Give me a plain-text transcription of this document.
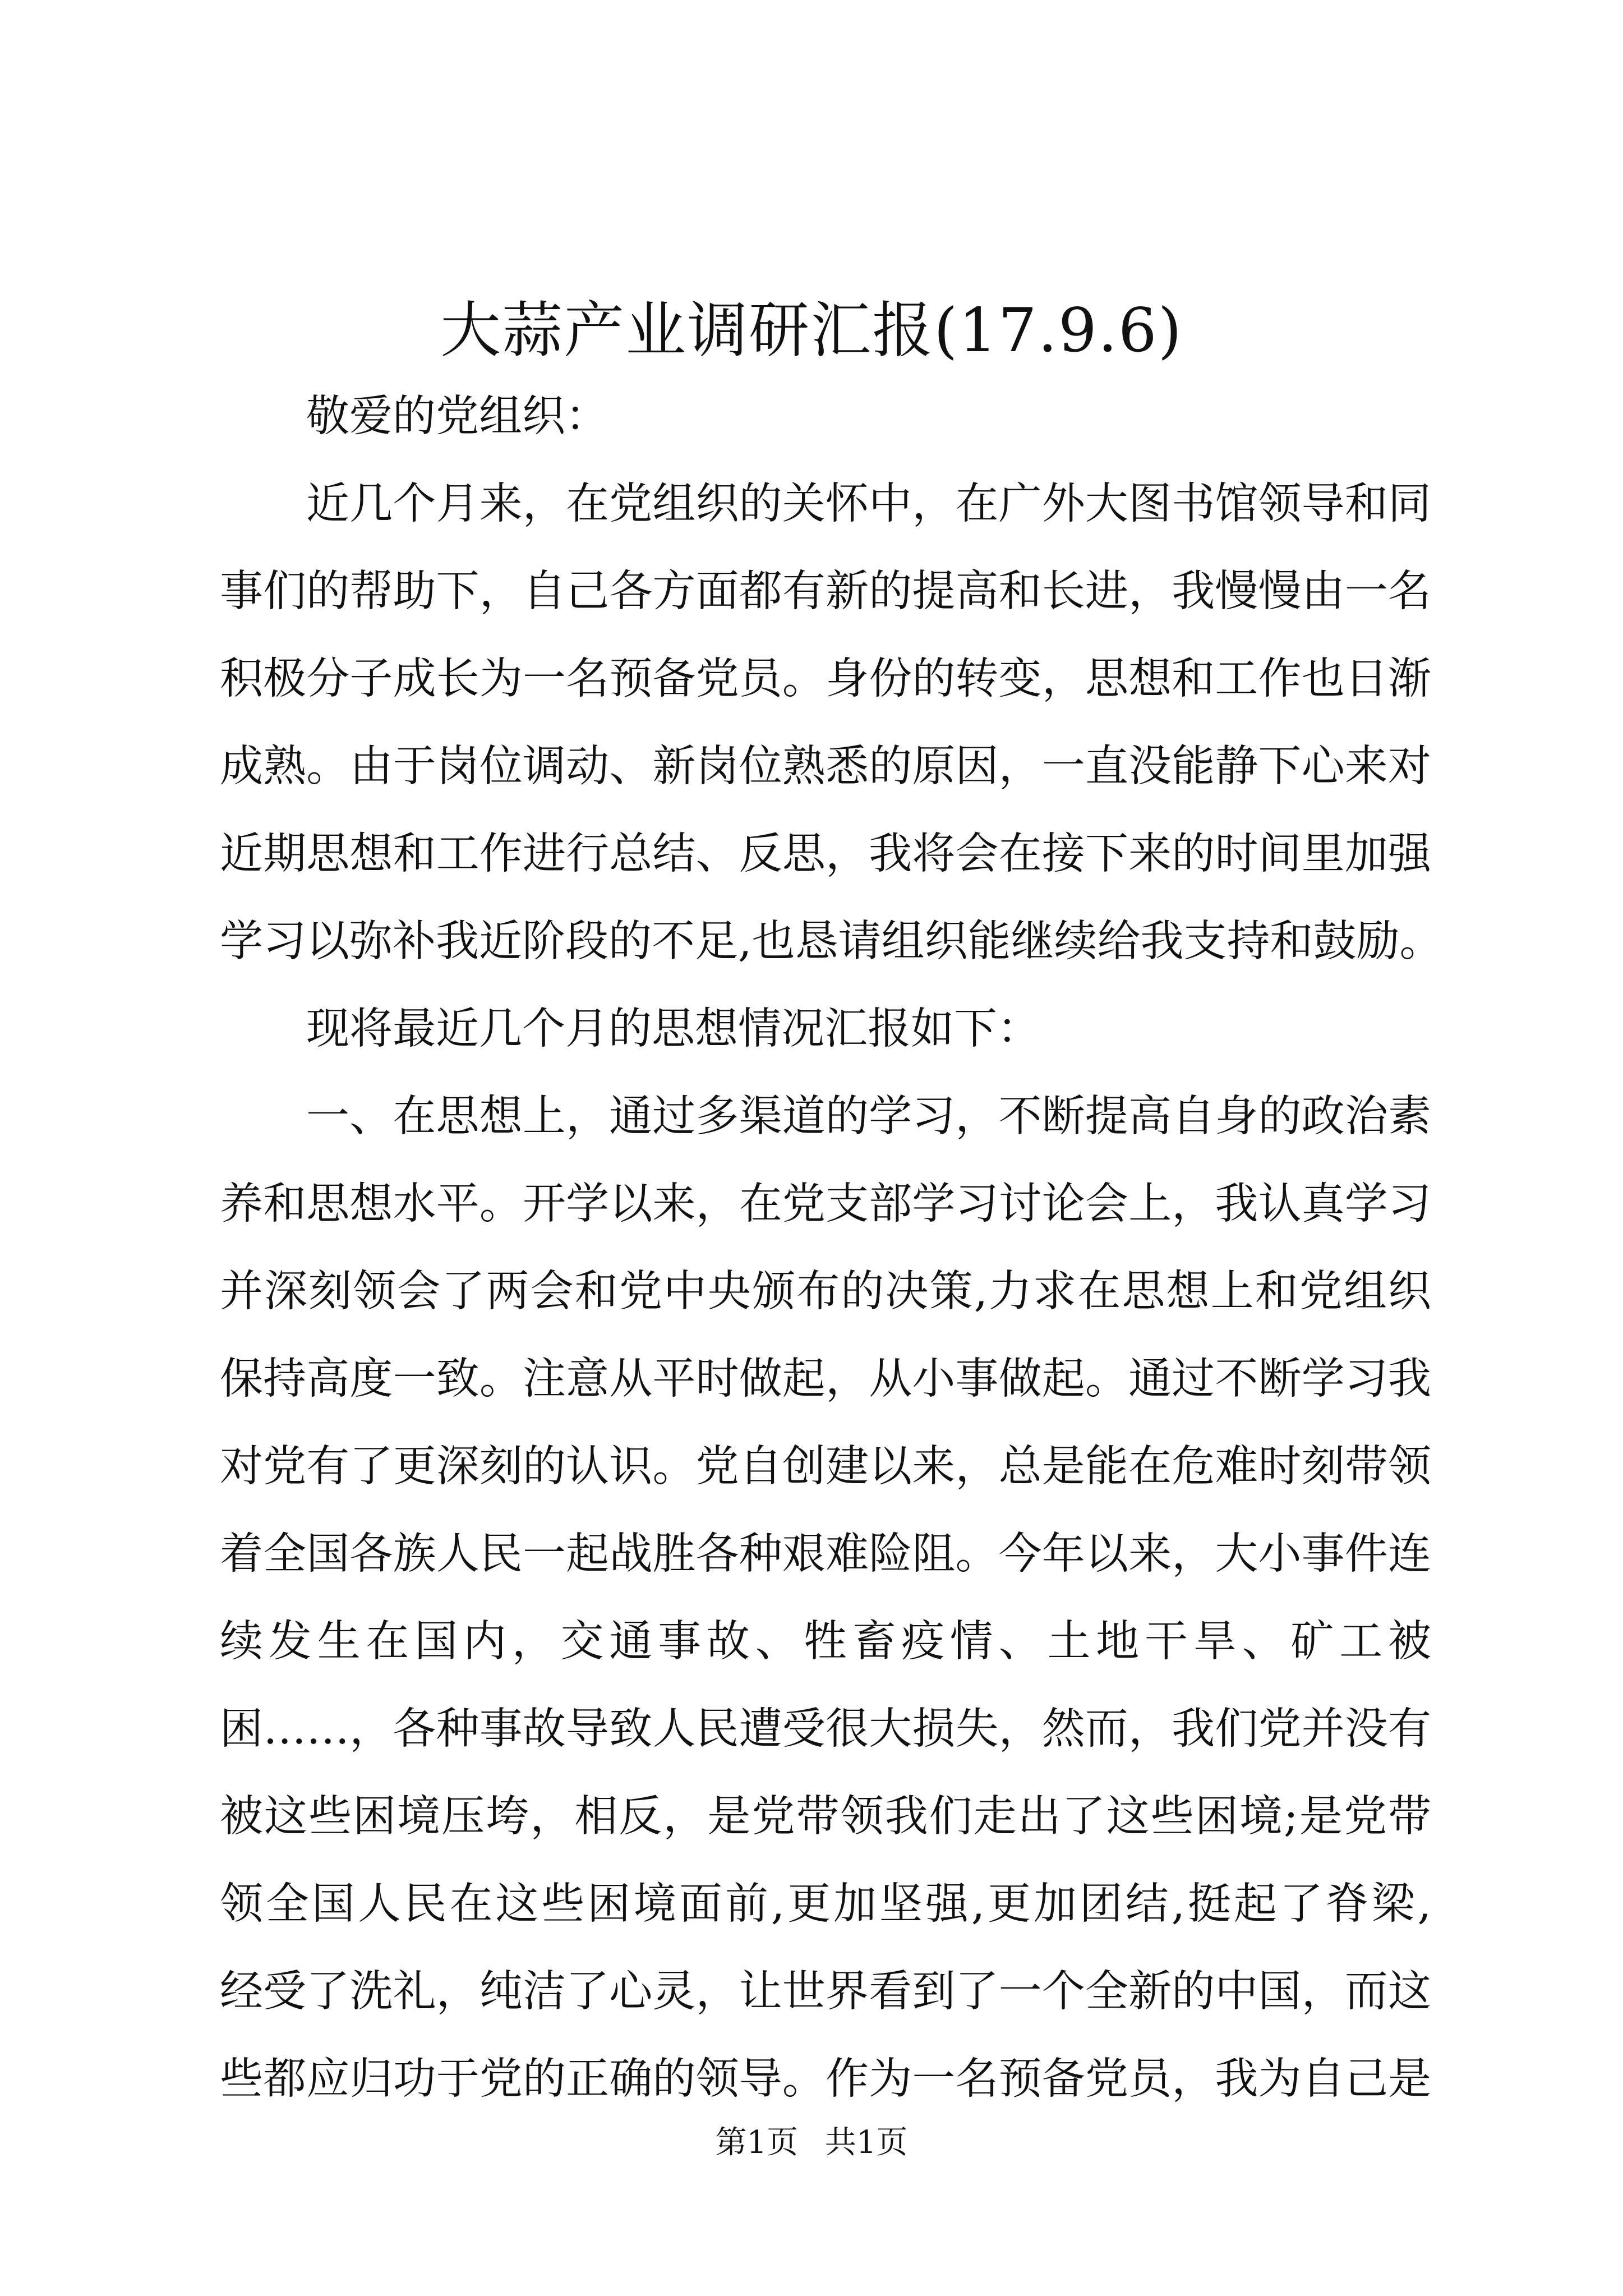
大蒜产业调研汇报(17.9.6)
敬爱的党组织：
近几个月来，在党组织的关怀中，在广外大图书馆领导和同
事们的帮助下，自己各方面都有新的提高和长进，我慢慢由一名
积极分子成长为一名预备党员。身份的转变，思想和工作也日渐
成熟。由于岗位调动、新岗位熟悉的原因，一直没能静下心来对
近期思想和工作进行总结、反思，我将会在接下来的时间里加强
学习以弥补我近阶段的不足,也恳请组织能继续给我支持和鼓励。
现将最近几个月的思想情况汇报如下：
一、在思想上，通过多渠道的学习，不断提高自身的政治素
养和思想水平。开学以来，在党支部学习讨论会上，我认真学习
并深刻领会了两会和党中央颁布的决策,力求在思想上和党组织
保持高度一致。注意从平时做起，从小事做起。通过不断学习我
对党有了更深刻的认识。党自创建以来，总是能在危难时刻带领
着全国各族人民一起战胜各种艰难险阻。今年以来，大小事件连
续发生在国内，交通事故、牲畜疫情、土地干旱、矿工被
困……，各种事故导致人民遭受很大损失，然而，我们党并没有
被这些困境压垮，相反，是党带领我们走出了这些困境;是党带
领全国人民在这些困境面前,更加坚强,更加团结,挺起了脊梁,
经受了洗礼，纯洁了心灵，让世界看到了一个全新的中国，而这
些都应归功于党的正确的领导。作为一名预备党员，我为自己是
第1页 共1页
